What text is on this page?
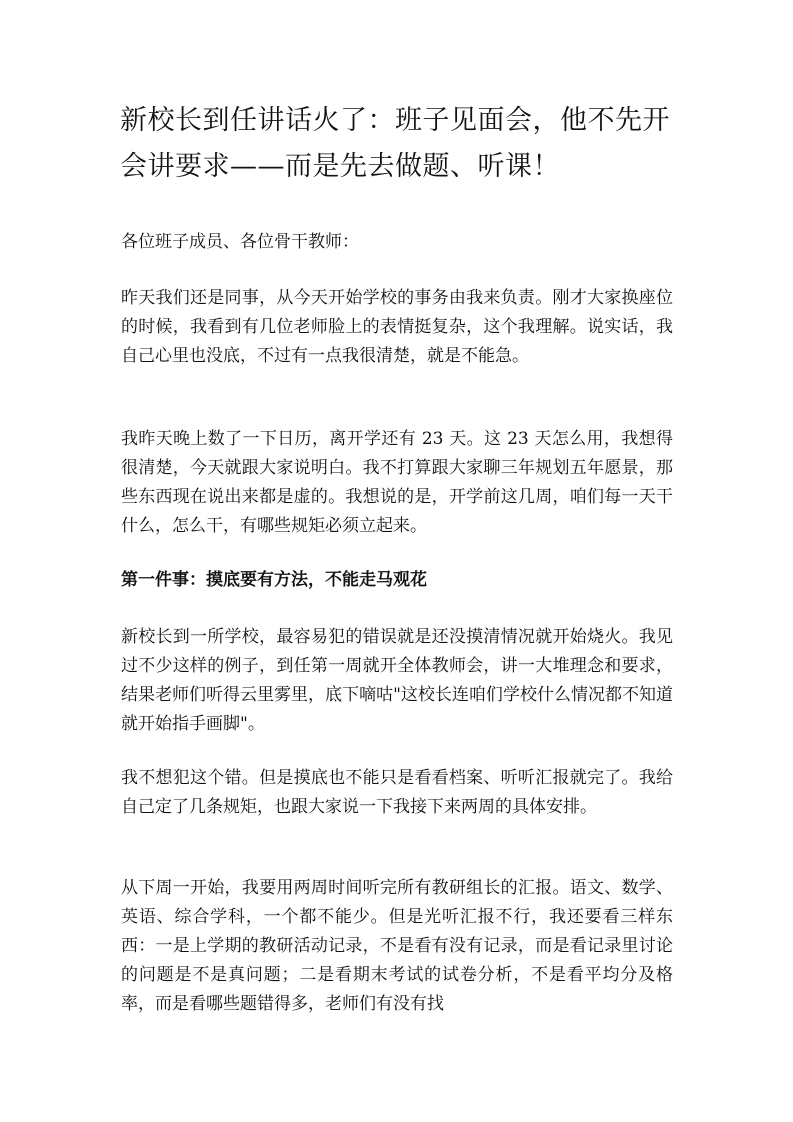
新校长到任讲话火了：班子见面会，他不先开会讲要求——而是先去做题、听课！

各位班子成员、各位骨干教师：

昨天我们还是同事，从今天开始学校的事务由我来负责。刚才大家换座位的时候，我看到有几位老师脸上的表情挺复杂，这个我理解。说实话，我自己心里也没底，不过有一点我很清楚，就是不能急。

我昨天晚上数了一下日历，离开学还有 23 天。这 23 天怎么用，我想得很清楚，今天就跟大家说明白。我不打算跟大家聊三年规划五年愿景，那些东西现在说出来都是虚的。我想说的是，开学前这几周，咱们每一天干什么，怎么干，有哪些规矩必须立起来。

第一件事：摸底要有方法，不能走马观花

新校长到一所学校，最容易犯的错误就是还没摸清情况就开始烧火。我见过不少这样的例子，到任第一周就开全体教师会，讲一大堆理念和要求，结果老师们听得云里雾里，底下嘀咕"这校长连咱们学校什么情况都不知道就开始指手画脚"。

我不想犯这个错。但是摸底也不能只是看看档案、听听汇报就完了。我给自己定了几条规矩，也跟大家说一下我接下来两周的具体安排。

从下周一开始，我要用两周时间听完所有教研组长的汇报。语文、数学、英语、综合学科，一个都不能少。但是光听汇报不行，我还要看三样东西：一是上学期的教研活动记录，不是看有没有记录，而是看记录里讨论的问题是不是真问题；二是看期末考试的试卷分析，不是看平均分及格率，而是看哪些题错得多，老师们有没有找
